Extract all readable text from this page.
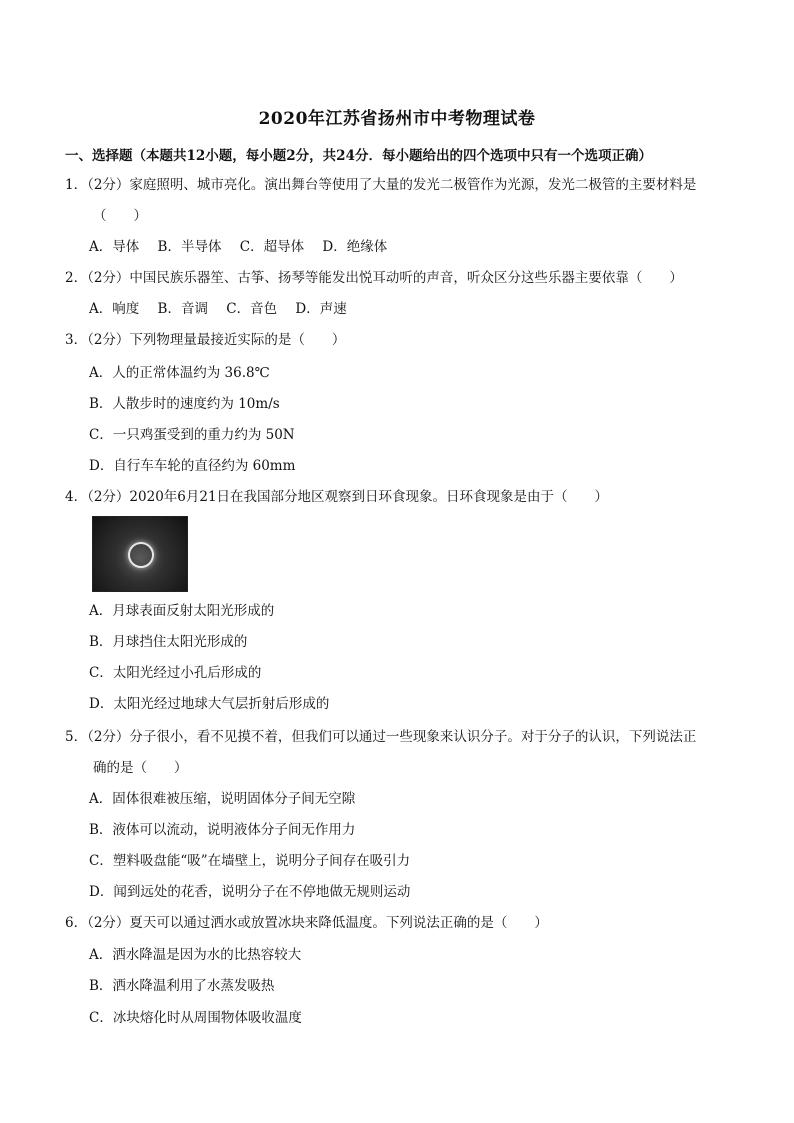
2020年江苏省扬州市中考物理试卷
一、选择题（本题共12小题，每小题2分，共24分．每小题给出的四个选项中只有一个选项正确）
1．（2分）家庭照明、城市亮化。演出舞台等使用了大量的发光二极管作为光源，发光二极管的主要材料是
（　　）
A．导体 B．半导体 C．超导体 D．绝缘体
2．（2分）中国民族乐器笙、古筝、扬琴等能发出悦耳动听的声音，听众区分这些乐器主要依靠（　　）
A．响度 B．音调 C．音色 D．声速
3．（2分）下列物理量最接近实际的是（　　）
A．人的正常体温约为 36.8℃
B．人散步时的速度约为 10m/s
C．一只鸡蛋受到的重力约为 50N
D．自行车车轮的直径约为 60mm
4．（2分）2020年6月21日在我国部分地区观察到日环食现象。日环食现象是由于（　　）
A．月球表面反射太阳光形成的
B．月球挡住太阳光形成的
C．太阳光经过小孔后形成的
D．太阳光经过地球大气层折射后形成的
5．（2分）分子很小，看不见摸不着，但我们可以通过一些现象来认识分子。对于分子的认识，下列说法正
确的是（　　）
A．固体很难被压缩，说明固体分子间无空隙
B．液体可以流动，说明液体分子间无作用力
C．塑料吸盘能“吸”在墙壁上，说明分子间存在吸引力
D．闻到远处的花香，说明分子在不停地做无规则运动
6．（2分）夏天可以通过洒水或放置冰块来降低温度。下列说法正确的是（　　）
A．洒水降温是因为水的比热容较大
B．洒水降温利用了水蒸发吸热
C．冰块熔化时从周围物体吸收温度
